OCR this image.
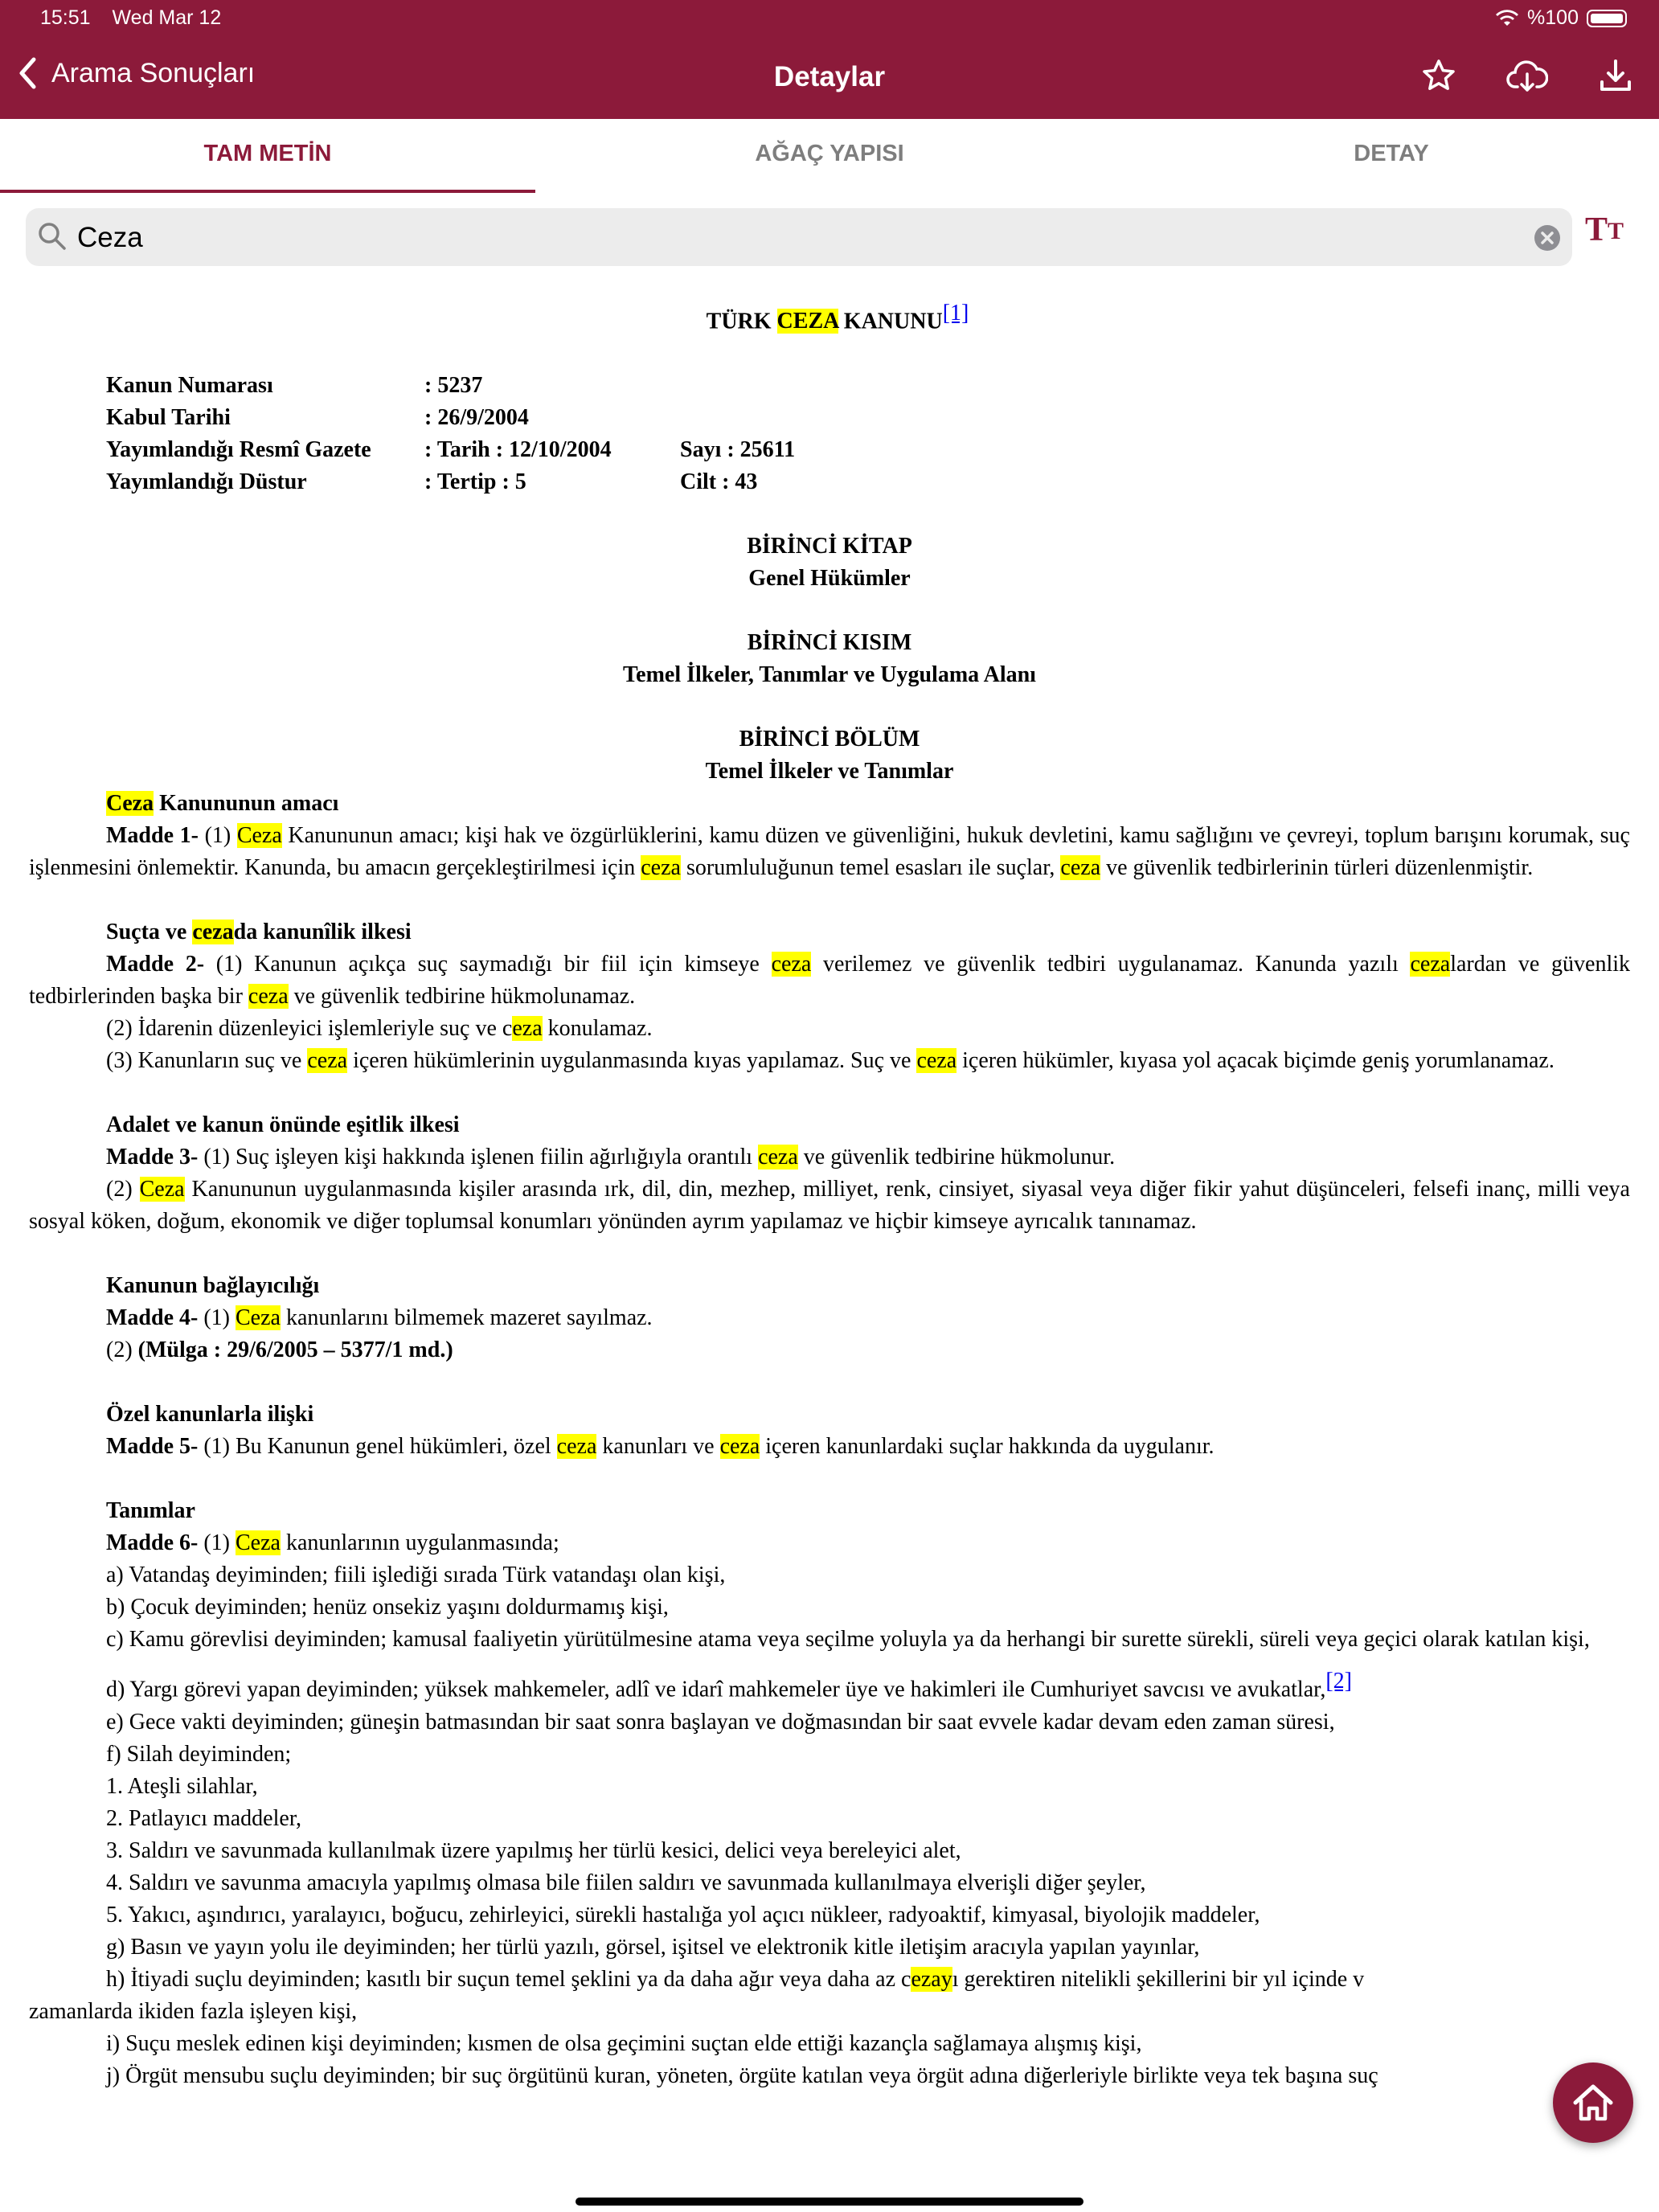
15:51 Wed Mar 12	%100
Arama Sonuçları	Detaylar
TAM METİN	AĞAÇ YAPISI	DETAY
Ceza
TT

TÜRK CEZA KANUNU[1]

Kanun Numarası	: 5237	
Kabul Tarihi	: 26/9/2004	
Yayımlandığı Resmî Gazete	: Tarih : 12/10/2004	Sayı : 25611
Yayımlandığı Düstur	: Tertip : 5	Cilt : 43

BİRİNCİ KİTAP

Genel Hükümler

BİRİNCİ KISIM

Temel İlkeler, Tanımlar ve Uygulama Alanı

BİRİNCİ BÖLÜM

Temel İlkeler ve Tanımlar

Ceza Kanununun amacı

Madde 1- (1) Ceza Kanununun amacı; kişi hak ve özgürlüklerini, kamu düzen ve güvenliğini, hukuk devletini, kamu sağlığını ve çevreyi, toplum barışını korumak, suç işlenmesini önlemektir. Kanunda, bu amacın gerçekleştirilmesi için ceza sorumluluğunun temel esasları ile suçlar, ceza ve güvenlik tedbirlerinin türleri düzenlenmiştir.

Suçta ve cezada kanunîlik ilkesi

Madde 2- (1) Kanunun açıkça suç saymadığı bir fiil için kimseye ceza verilemez ve güvenlik tedbiri uygulanamaz. Kanunda yazılı cezalardan ve güvenlik tedbirlerinden başka bir ceza ve güvenlik tedbirine hükmolunamaz.

(2) İdarenin düzenleyici işlemleriyle suç ve ceza konulamaz.

(3) Kanunların suç ve ceza içeren hükümlerinin uygulanmasında kıyas yapılamaz. Suç ve ceza içeren hükümler, kıyasa yol açacak biçimde geniş yorumlanamaz.

Adalet ve kanun önünde eşitlik ilkesi

Madde 3- (1) Suç işleyen kişi hakkında işlenen fiilin ağırlığıyla orantılı ceza ve güvenlik tedbirine hükmolunur.

(2) Ceza Kanununun uygulanmasında kişiler arasında ırk, dil, din, mezhep, milliyet, renk, cinsiyet, siyasal veya diğer fikir yahut düşünceleri, felsefi inanç, milli veya sosyal köken, doğum, ekonomik ve diğer toplumsal konumları yönünden ayrım yapılamaz ve hiçbir kimseye ayrıcalık tanınamaz.

Kanunun bağlayıcılığı

Madde 4- (1) Ceza kanunlarını bilmemek mazeret sayılmaz.

(2) (Mülga : 29/6/2005 – 5377/1 md.)

Özel kanunlarla ilişki

Madde 5- (1) Bu Kanunun genel hükümleri, özel ceza kanunları ve ceza içeren kanunlardaki suçlar hakkında da uygulanır.

Tanımlar

Madde 6- (1) Ceza kanunlarının uygulanmasında;

a) Vatandaş deyiminden; fiili işlediği sırada Türk vatandaşı olan kişi,

b) Çocuk deyiminden; henüz onsekiz yaşını doldurmamış kişi,

c) Kamu görevlisi deyiminden; kamusal faaliyetin yürütülmesine atama veya seçilme yoluyla ya da herhangi bir surette sürekli, süreli veya geçici olarak katılan kişi,

d) Yargı görevi yapan deyiminden; yüksek mahkemeler, adlî ve idarî mahkemeler üye ve hakimleri ile Cumhuriyet savcısı ve avukatlar,[2]

e) Gece vakti deyiminden; güneşin batmasından bir saat sonra başlayan ve doğmasından bir saat evvele kadar devam eden zaman süresi,

f) Silah deyiminden;

1. Ateşli silahlar,

2. Patlayıcı maddeler,

3. Saldırı ve savunmada kullanılmak üzere yapılmış her türlü kesici, delici veya bereleyici alet,

4. Saldırı ve savunma amacıyla yapılmış olmasa bile fiilen saldırı ve savunmada kullanılmaya elverişli diğer şeyler,

5. Yakıcı, aşındırıcı, yaralayıcı, boğucu, zehirleyici, sürekli hastalığa yol açıcı nükleer, radyoaktif, kimyasal, biyolojik maddeler,

g) Basın ve yayın yolu ile deyiminden; her türlü yazılı, görsel, işitsel ve elektronik kitle iletişim aracıyla yapılan yayınlar,

h) İtiyadi suçlu deyiminden; kasıtlı bir suçun temel şeklini ya da daha ağır veya daha az cezayı gerektiren nitelikli şekillerini bir yıl içinde v

zamanlarda ikiden fazla işleyen kişi,

i) Suçu meslek edinen kişi deyiminden; kısmen de olsa geçimini suçtan elde ettiği kazançla sağlamaya alışmış kişi,

j) Örgüt mensubu suçlu deyiminden; bir suç örgütünü kuran, yöneten, örgüte katılan veya örgüt adına diğerleriyle birlikte veya tek başına suç
